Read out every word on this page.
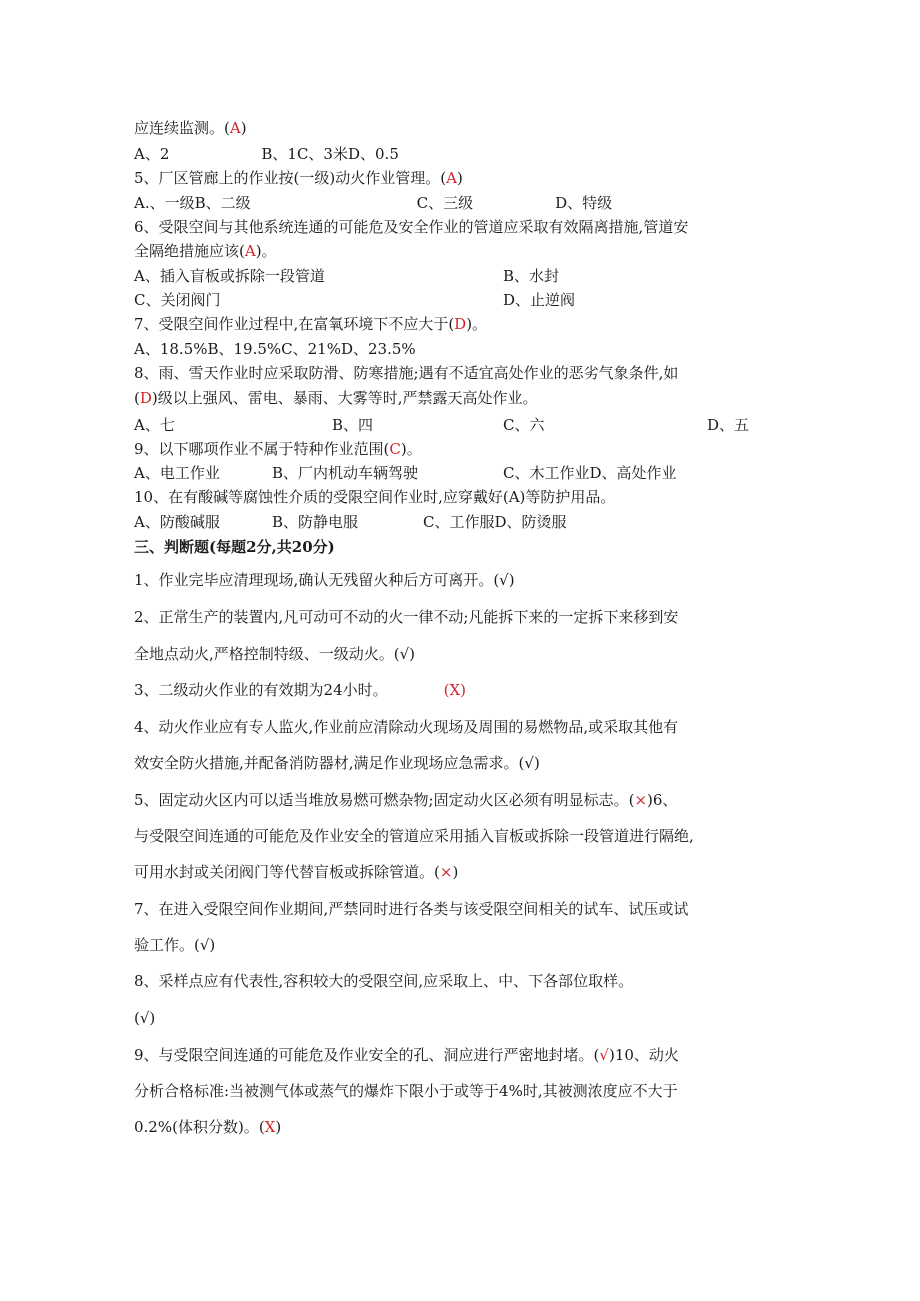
应连续监测。(A)
A、2	B、1C、3米D、0.5
5、厂区管廊上的作业按(一级)动火作业管理。(A)
A.、一级B、二级	C、三级	D、特级
6、受限空间与其他系统连通的可能危及安全作业的管道应采取有效隔离措施,管道安
全隔绝措施应该(A)。
A、插入盲板或拆除一段管道	B、水封
C、关闭阀门	D、止逆阀
7、受限空间作业过程中,在富氧环境下不应大于(D)。
A、18.5%B、19.5%C、21%D、23.5%
8、雨、雪天作业时应采取防滑、防寒措施;遇有不适宜高处作业的恶劣气象条件,如
(D)级以上强风、雷电、暴雨、大雾等时,严禁露天高处作业。
A、七	B、四	C、六	D、五
9、以下哪项作业不属于特种作业范围(C)。
A、电工作业	B、厂内机动车辆驾驶	C、木工作业D、高处作业
10、在有酸碱等腐蚀性介质的受限空间作业时,应穿戴好(A)等防护用品。
A、防酸碱服	B、防静电服	C、工作服D、防烫服
三、判断题(每题2分,共20分)
1、作业完毕应清理现场,确认无残留火种后方可离开。(√)
2、正常生产的装置内,凡可动可不动的火一律不动;凡能拆下来的一定拆下来移到安
全地点动火,严格控制特级、一级动火。(√)
3、二级动火作业的有效期为24小时。	(X)
4、动火作业应有专人监火,作业前应清除动火现场及周围的易燃物品,或采取其他有
效安全防火措施,并配备消防器材,满足作业现场应急需求。(√)
5、固定动火区内可以适当堆放易燃可燃杂物;固定动火区必须有明显标志。(×)6、
与受限空间连通的可能危及作业安全的管道应采用插入盲板或拆除一段管道进行隔绝,
可用水封或关闭阀门等代替盲板或拆除管道。(×)
7、在进入受限空间作业期间,严禁同时进行各类与该受限空间相关的试车、试压或试
验工作。(√)
8、采样点应有代表性,容积较大的受限空间,应采取上、中、下各部位取样。
(√)
9、与受限空间连通的可能危及作业安全的孔、洞应进行严密地封堵。(√)10、动火
分析合格标准:当被测气体或蒸气的爆炸下限小于或等于4%时,其被测浓度应不大于
0.2%(体积分数)。(X)
